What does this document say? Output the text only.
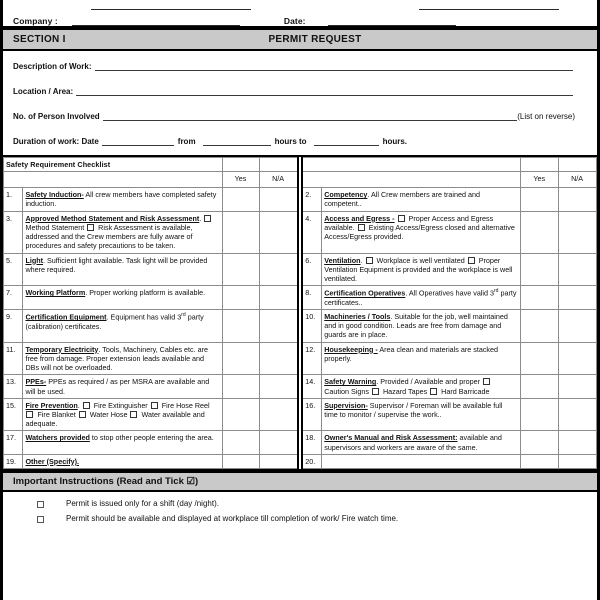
Company :	Date:
SECTION I	PERMIT REQUEST
Description of Work:
Location / Area:
No. of Person Involved	(List on reverse)
Duration of work: Date	from	hours to	hours.
Safety Requirement Checklist								
		Yes	N/A				Yes	N/A
1.	Safety Induction- All crew members have completed safety induction.				2.	Competency. All Crew members are trained and competent..		
3.	Approved Method Statement and Risk Assessment.  Method Statement  Risk Assessment is available, addressed and the Crew members are fully aware of procedures and safety precautions to be taken.				4.	Access and Egress -  Proper Access and Egress available.  Existing Access/Egress closed and alternative Access/Egress provided.		
5.	Light. Sufficient light available. Task light will be provided where required.				6.	Ventilation.  Workplace is well ventilated  Proper Ventilation Equipment is provided and the workplace is well ventilated.		
7.	Working Platform. Proper working platform is available.				8.	Certification Operatives. All Operatives have valid 3rd party certificates..		
9.	Certification Equipment. Equipment has valid 3rd party (calibration) certificates.				10.	Machineries / Tools. Suitable for the job, well maintained and in good condition. Leads are free from damage and guards are in place.		
11.	Temporary Electricity. Tools, Machinery, Cables etc. are free from damage. Proper extension leads available and DBs will not be overloaded.				12.	Housekeeping - Area clean and materials are stacked properly.		
13.	PPEs- PPEs as required / as per MSRA are available and will be used.				14.	Safety Warning. Provided / Available and proper  Caution Signs  Hazard Tapes  Hard Barricade		
15.	Fire Prevention.  Fire Extinguisher  Fire Hose Reel  Fire Blanket  Water Hose  Water available and adequate.				16.	Supervision- Supervisor / Foreman will be available full time to monitor / supervise the work..		
17.	Watchers provided to stop other people entering the area.				18.	Owner's Manual and Risk Assessment: available and supervisors and workers are aware of the same.		
19.	Other (Specify).				20.			
Important Instructions (Read and Tick ☑)
Permit is issued only for a shift (day /night).
Permit should be available and displayed at workplace till completion of work/ Fire watch time.
